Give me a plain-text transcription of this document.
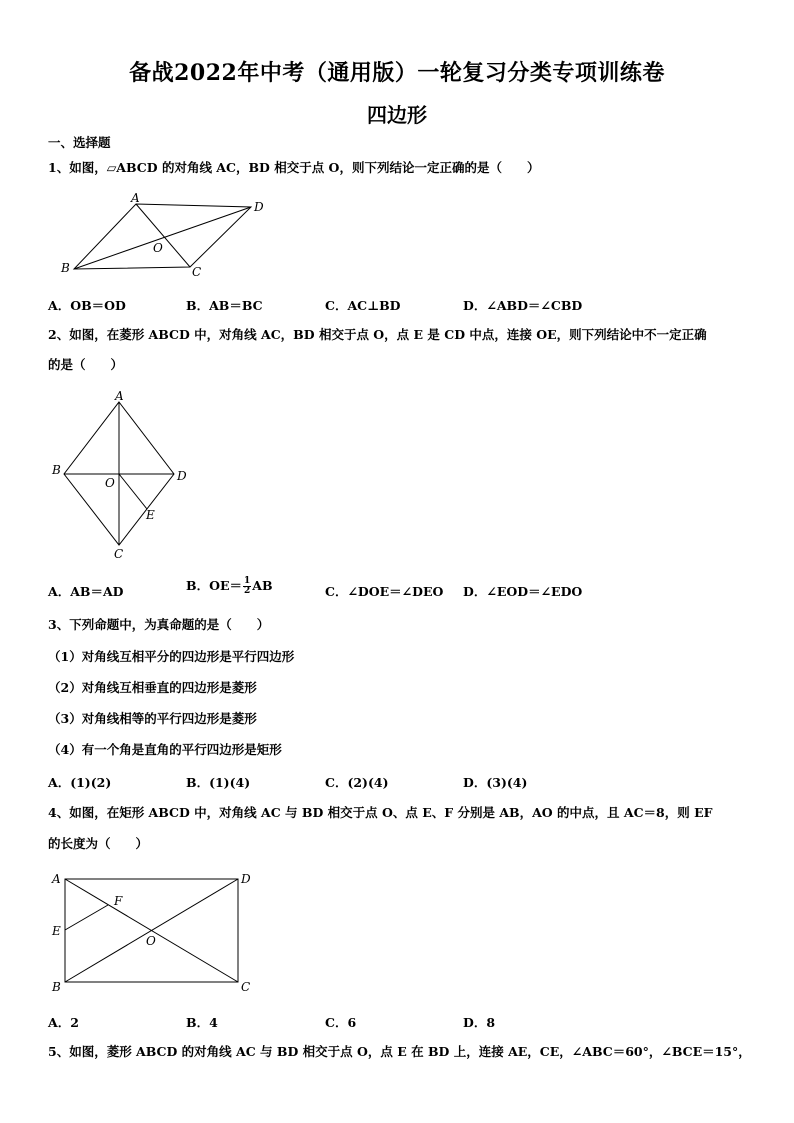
备战2022年中考（通用版）一轮复习分类专项训练卷
四边形
一、选择题
1、如图，▱ABCD 的对角线 AC，BD 相交于点 O，则下列结论一定正确的是（　　）
A
B	C
D
O
A．OB＝OD	B．AB＝BC	C．AC⊥BD	D．∠ABD＝∠CBD
2、如图，在菱形 ABCD 中，对角线 AC，BD 相交于点 O，点 E 是 CD 中点，连接 OE，则下列结论中不一定正确
的是（　　）
A
B
C
D
O
E
A．AB＝AD	B．$OE= \frac{1}{2}$ AB	C．∠DOE＝∠DEO D．∠EOD＝∠EDO
3、下列命题中，为真命题的是（　　）
（1）对角线互相平分的四边形是平行四边形
（2）对角线互相垂直的四边形是菱形
（3）对角线相等的平行四边形是菱形
（4）有一个角是直角的平行四边形是矩形
A．(1)(2)	B．(1)(4)	C．(2)(4)	D．(3)(4)
4、如图，在矩形 ABCD 中，对角线 AC 与 BD 相交于点 O、点 E、F 分别是 AB，AO 的中点，且 AC＝8，则 EF
的长度为（　　）
A
B	C
D
O
E
F
A．2	B．4	C．6	D．8
5、如图，菱形 ABCD 的对角线 AC 与 BD 相交于点 O，点 E 在 BD 上，连接 AE，CE，∠ABC＝60°，∠BCE＝15°，
